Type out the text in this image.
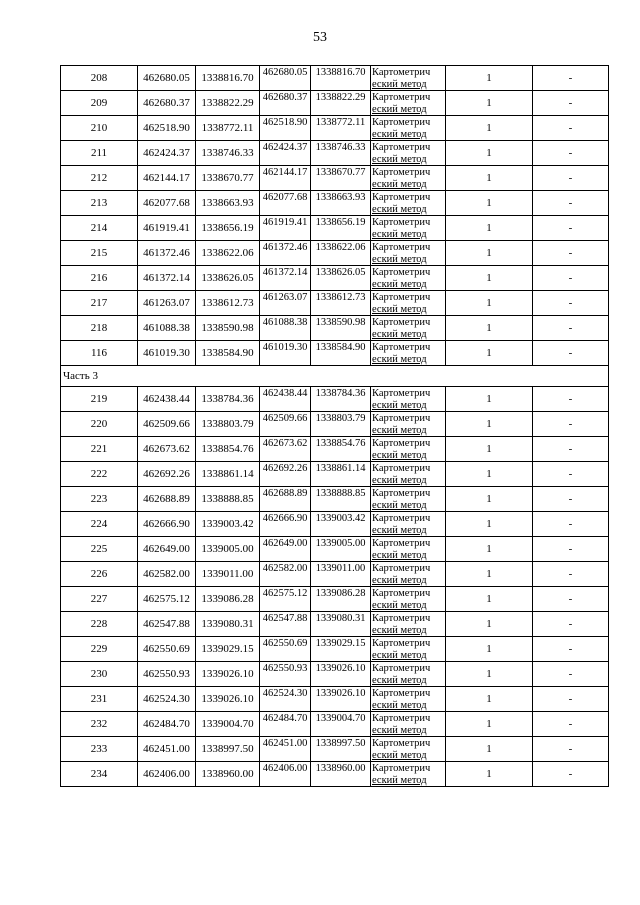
53
208	462680.05	1338816.70	462680.05	1338816.70	Картометрич
еский метод	1	-
209	462680.37	1338822.29	462680.37	1338822.29	Картометрич
еский метод	1	-
210	462518.90	1338772.11	462518.90	1338772.11	Картометрич
еский метод	1	-
211	462424.37	1338746.33	462424.37	1338746.33	Картометрич
еский метод	1	-
212	462144.17	1338670.77	462144.17	1338670.77	Картометрич
еский метод	1	-
213	462077.68	1338663.93	462077.68	1338663.93	Картометрич
еский метод	1	-
214	461919.41	1338656.19	461919.41	1338656.19	Картометрич
еский метод	1	-
215	461372.46	1338622.06	461372.46	1338622.06	Картометрич
еский метод	1	-
216	461372.14	1338626.05	461372.14	1338626.05	Картометрич
еский метод	1	-
217	461263.07	1338612.73	461263.07	1338612.73	Картометрич
еский метод	1	-
218	461088.38	1338590.98	461088.38	1338590.98	Картометрич
еский метод	1	-
116	461019.30	1338584.90	461019.30	1338584.90	Картометрич
еский метод	1	-
Часть 3							
219	462438.44	1338784.36	462438.44	1338784.36	Картометрич
еский метод	1	-
220	462509.66	1338803.79	462509.66	1338803.79	Картометрич
еский метод	1	-
221	462673.62	1338854.76	462673.62	1338854.76	Картометрич
еский метод	1	-
222	462692.26	1338861.14	462692.26	1338861.14	Картометрич
еский метод	1	-
223	462688.89	1338888.85	462688.89	1338888.85	Картометрич
еский метод	1	-
224	462666.90	1339003.42	462666.90	1339003.42	Картометрич
еский метод	1	-
225	462649.00	1339005.00	462649.00	1339005.00	Картометрич
еский метод	1	-
226	462582.00	1339011.00	462582.00	1339011.00	Картометрич
еский метод	1	-
227	462575.12	1339086.28	462575.12	1339086.28	Картометрич
еский метод	1	-
228	462547.88	1339080.31	462547.88	1339080.31	Картометрич
еский метод	1	-
229	462550.69	1339029.15	462550.69	1339029.15	Картометрич
еский метод	1	-
230	462550.93	1339026.10	462550.93	1339026.10	Картометрич
еский метод	1	-
231	462524.30	1339026.10	462524.30	1339026.10	Картометрич
еский метод	1	-
232	462484.70	1339004.70	462484.70	1339004.70	Картометрич
еский метод	1	-
233	462451.00	1338997.50	462451.00	1338997.50	Картометрич
еский метод	1	-
234	462406.00	1338960.00	462406.00	1338960.00	Картометрич
еский метод	1	-
